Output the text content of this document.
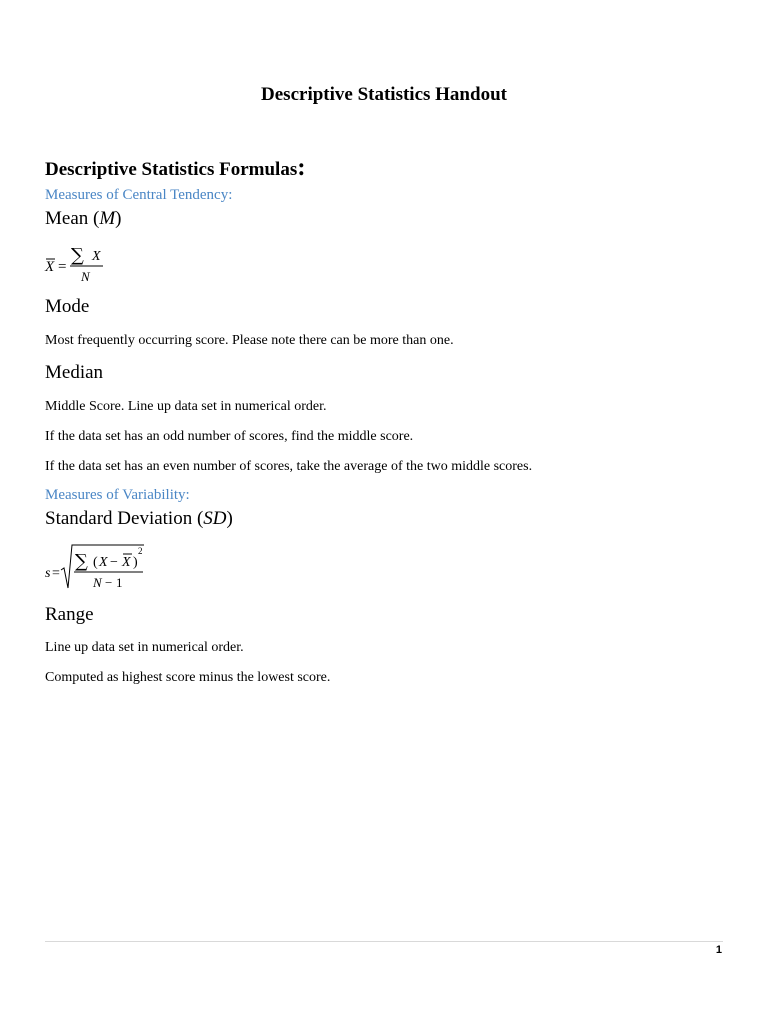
Descriptive Statistics Handout
Descriptive Statistics Formulas:
Measures of Central Tendency:
Mean (M)
X =
∑ X
N
Mode
Most frequently occurring score. Please note there can be more than one.
Median
Middle Score. Line up data set in numerical order.
If the data set has an odd number of scores, find the middle score.
If the data set has an even number of scores, take the average of the two middle scores.
Measures of Variability:
Standard Deviation (SD)
s =
∑ ( X − X )
2
N − 1
Range
Line up data set in numerical order.
Computed as highest score minus the lowest score.
1
